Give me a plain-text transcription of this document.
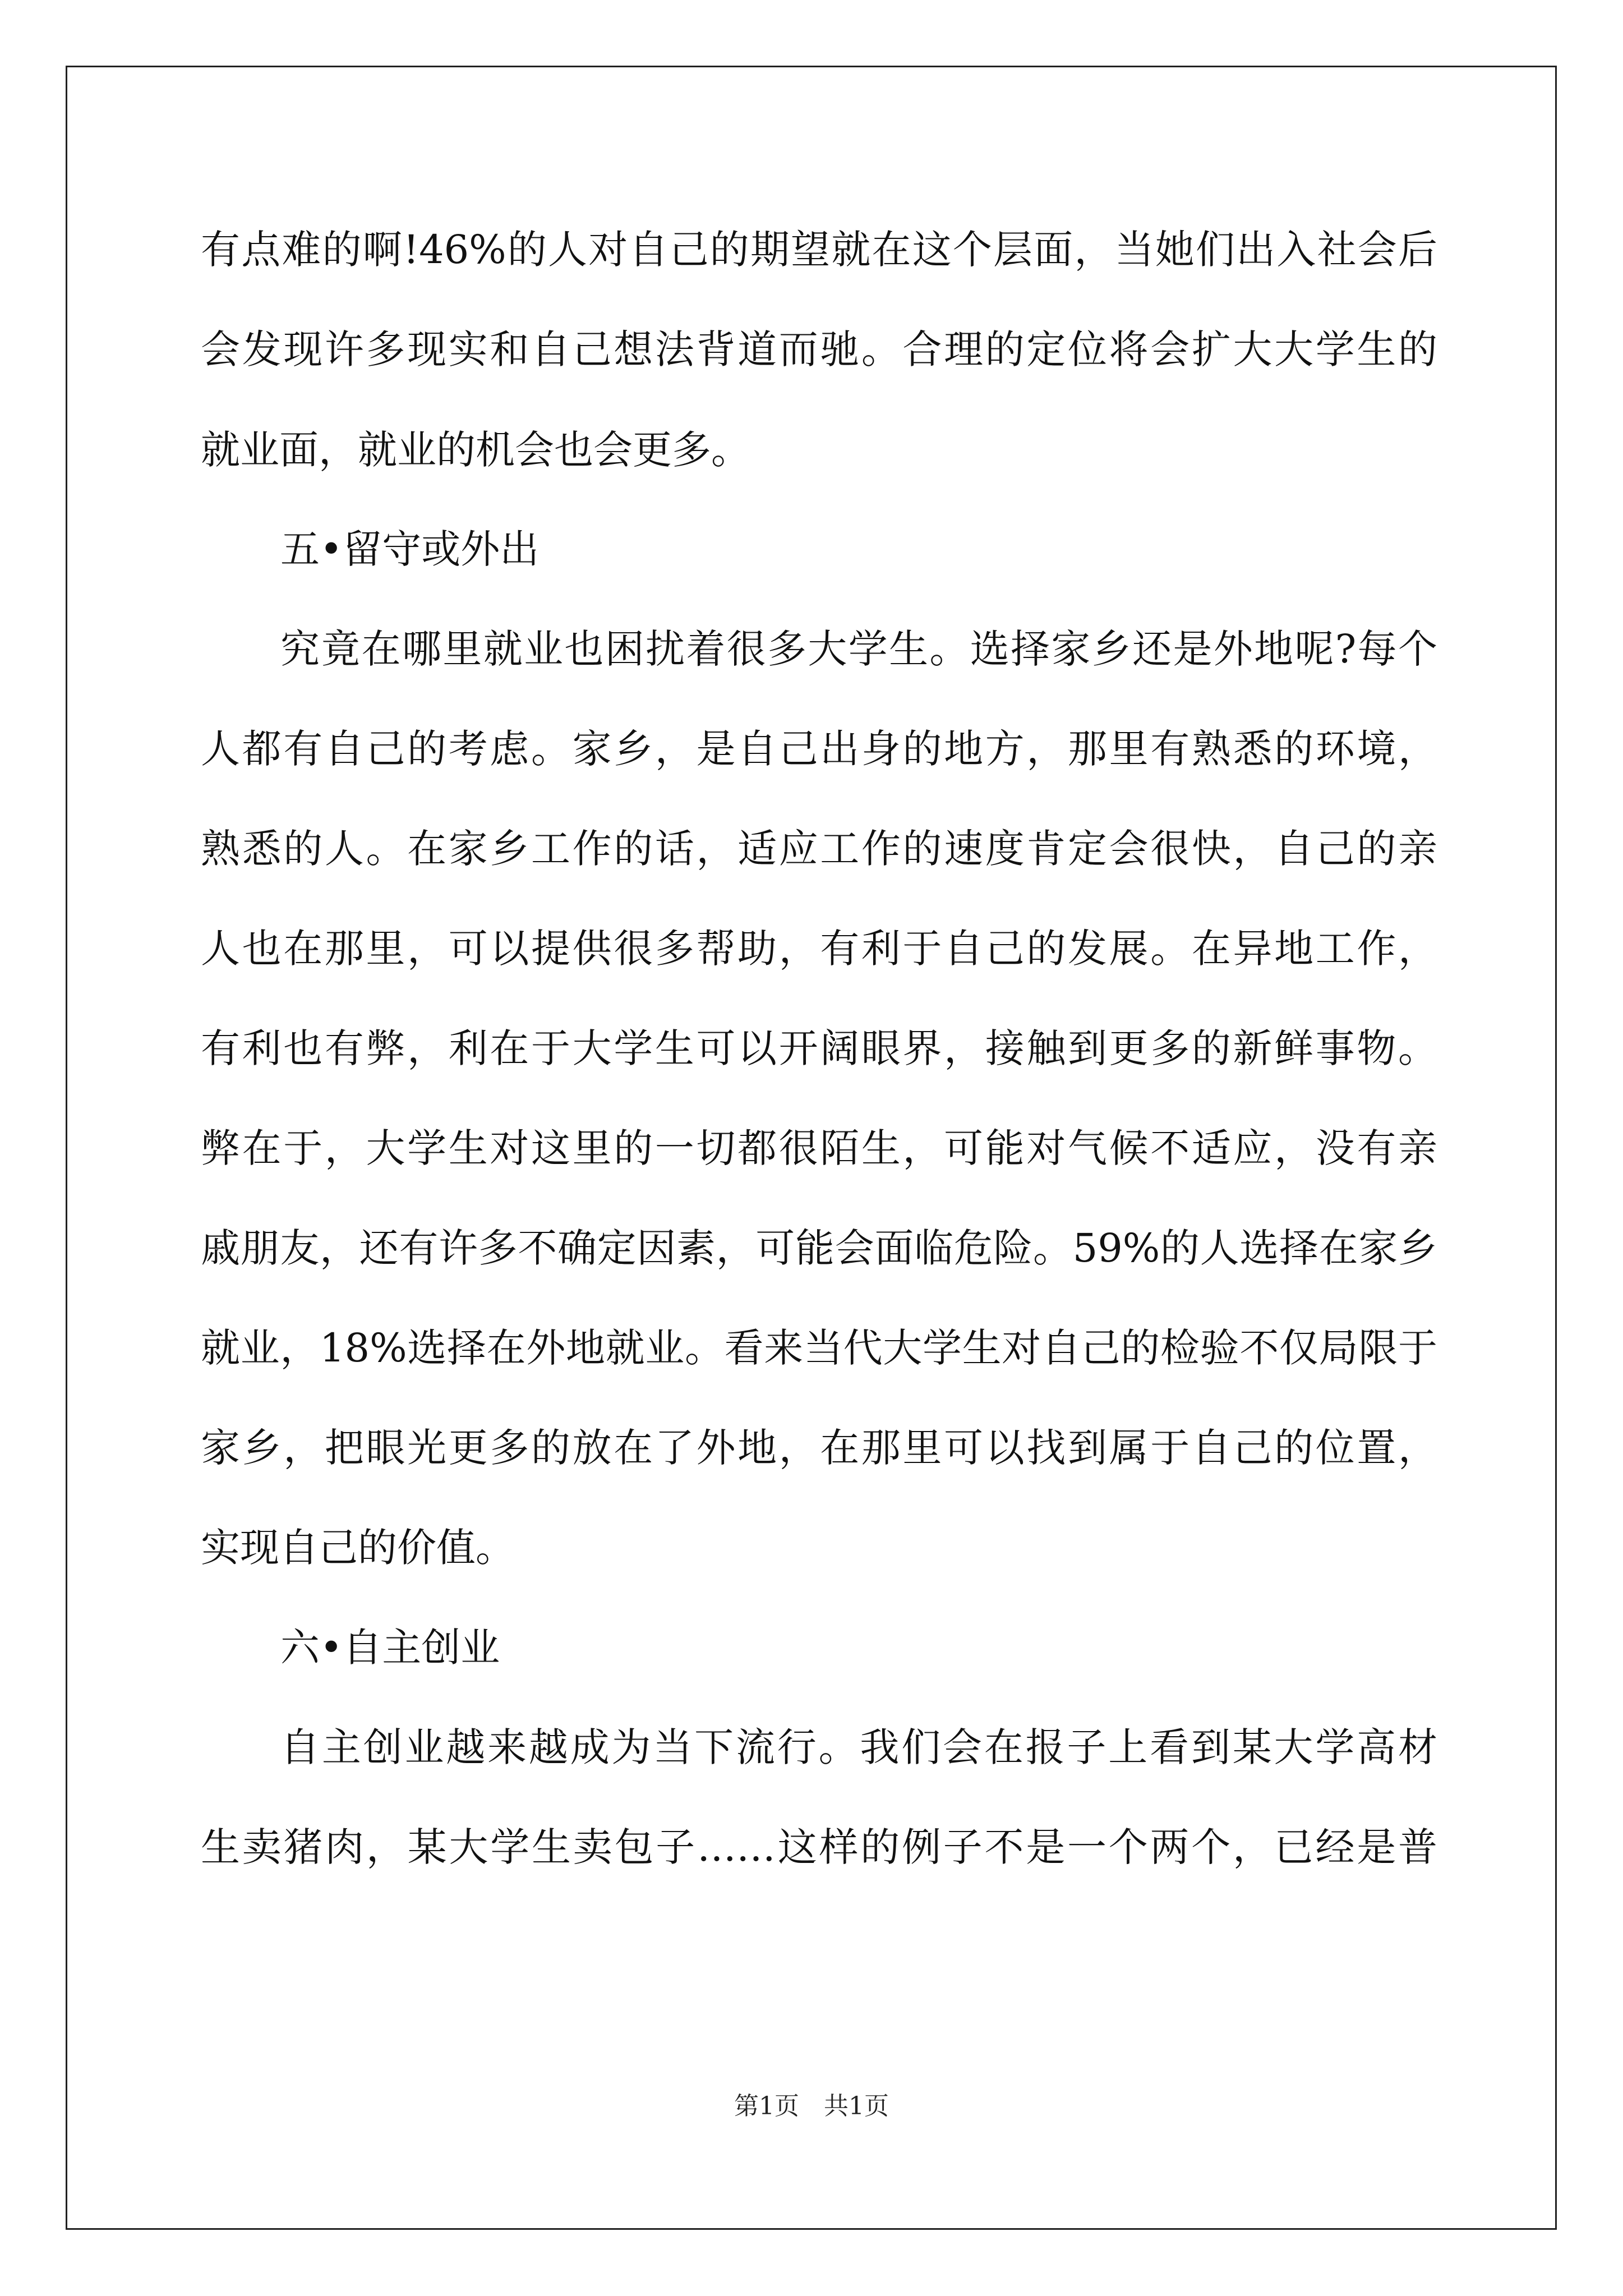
有点难的啊!46%的人对自己的期望就在这个层面，当她们出入社会后

会发现许多现实和自己想法背道而驰。合理的定位将会扩大大学生的

就业面，就业的机会也会更多。

五•留守或外出

究竟在哪里就业也困扰着很多大学生。选择家乡还是外地呢?每个

人都有自己的考虑。家乡，是自己出身的地方，那里有熟悉的环境，

熟悉的人。在家乡工作的话，适应工作的速度肯定会很快，自己的亲

人也在那里，可以提供很多帮助，有利于自己的发展。在异地工作，

有利也有弊，利在于大学生可以开阔眼界，接触到更多的新鲜事物。

弊在于，大学生对这里的一切都很陌生，可能对气候不适应，没有亲

戚朋友，还有许多不确定因素，可能会面临危险。59%的人选择在家乡

就业，18%选择在外地就业。看来当代大学生对自己的检验不仅局限于

家乡，把眼光更多的放在了外地，在那里可以找到属于自己的位置，

实现自己的价值。

六•自主创业

自主创业越来越成为当下流行。我们会在报子上看到某大学高材

生卖猪肉，某大学生卖包子……这样的例子不是一个两个，已经是普

第1页　共1页
